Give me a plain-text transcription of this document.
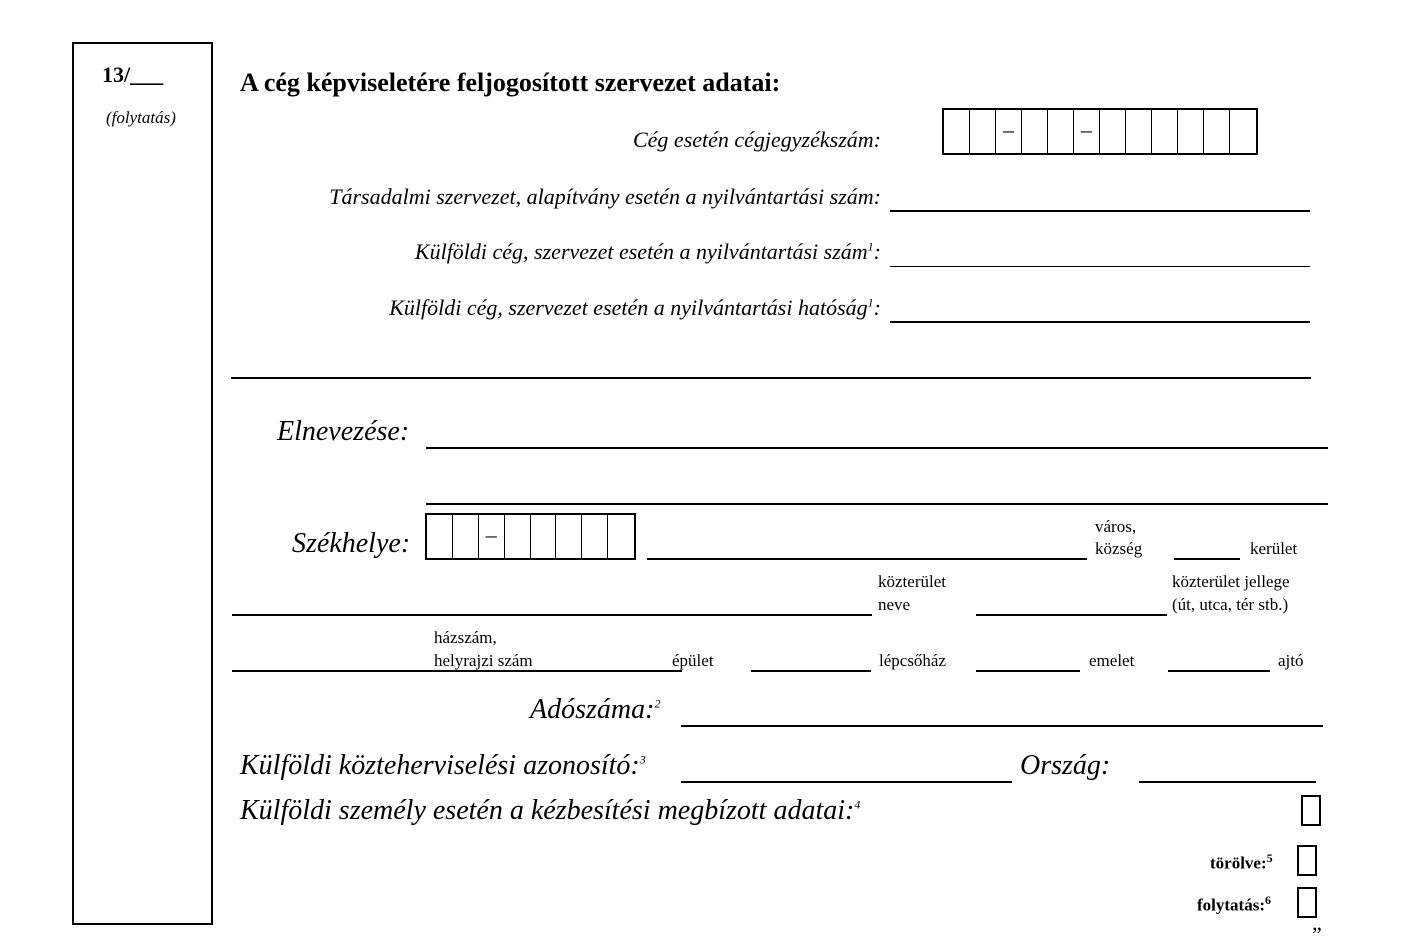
13/___
(folytatás)
A cég képviseletére feljogosított szervezet adatai:
Cég esetén cégjegyzékszám:	–	–
Társadalmi szervezet, alapítvány esetén a nyilvántartási szám:
Külföldi cég, szervezet esetén a nyilvántartási szám$^1$:
Külföldi cég, szervezet esetén a nyilvántartási hatóság$^1$:
Elnevezése:
Székhelye:	–	város,
község	kerület
közterület
neve
közterület jellege
(út, utca, tér stb.)
házszám,
helyrajzi szám	épület	lépcsőház	emelet	ajtó
Adószáma:$^2$
Külföldi közteherviselési azonosító:$^3$	Ország:
Külföldi személy esetén a kézbesítési megbízott adatai:$^4$
törölve:$^5$
folytatás:$^6$
”
